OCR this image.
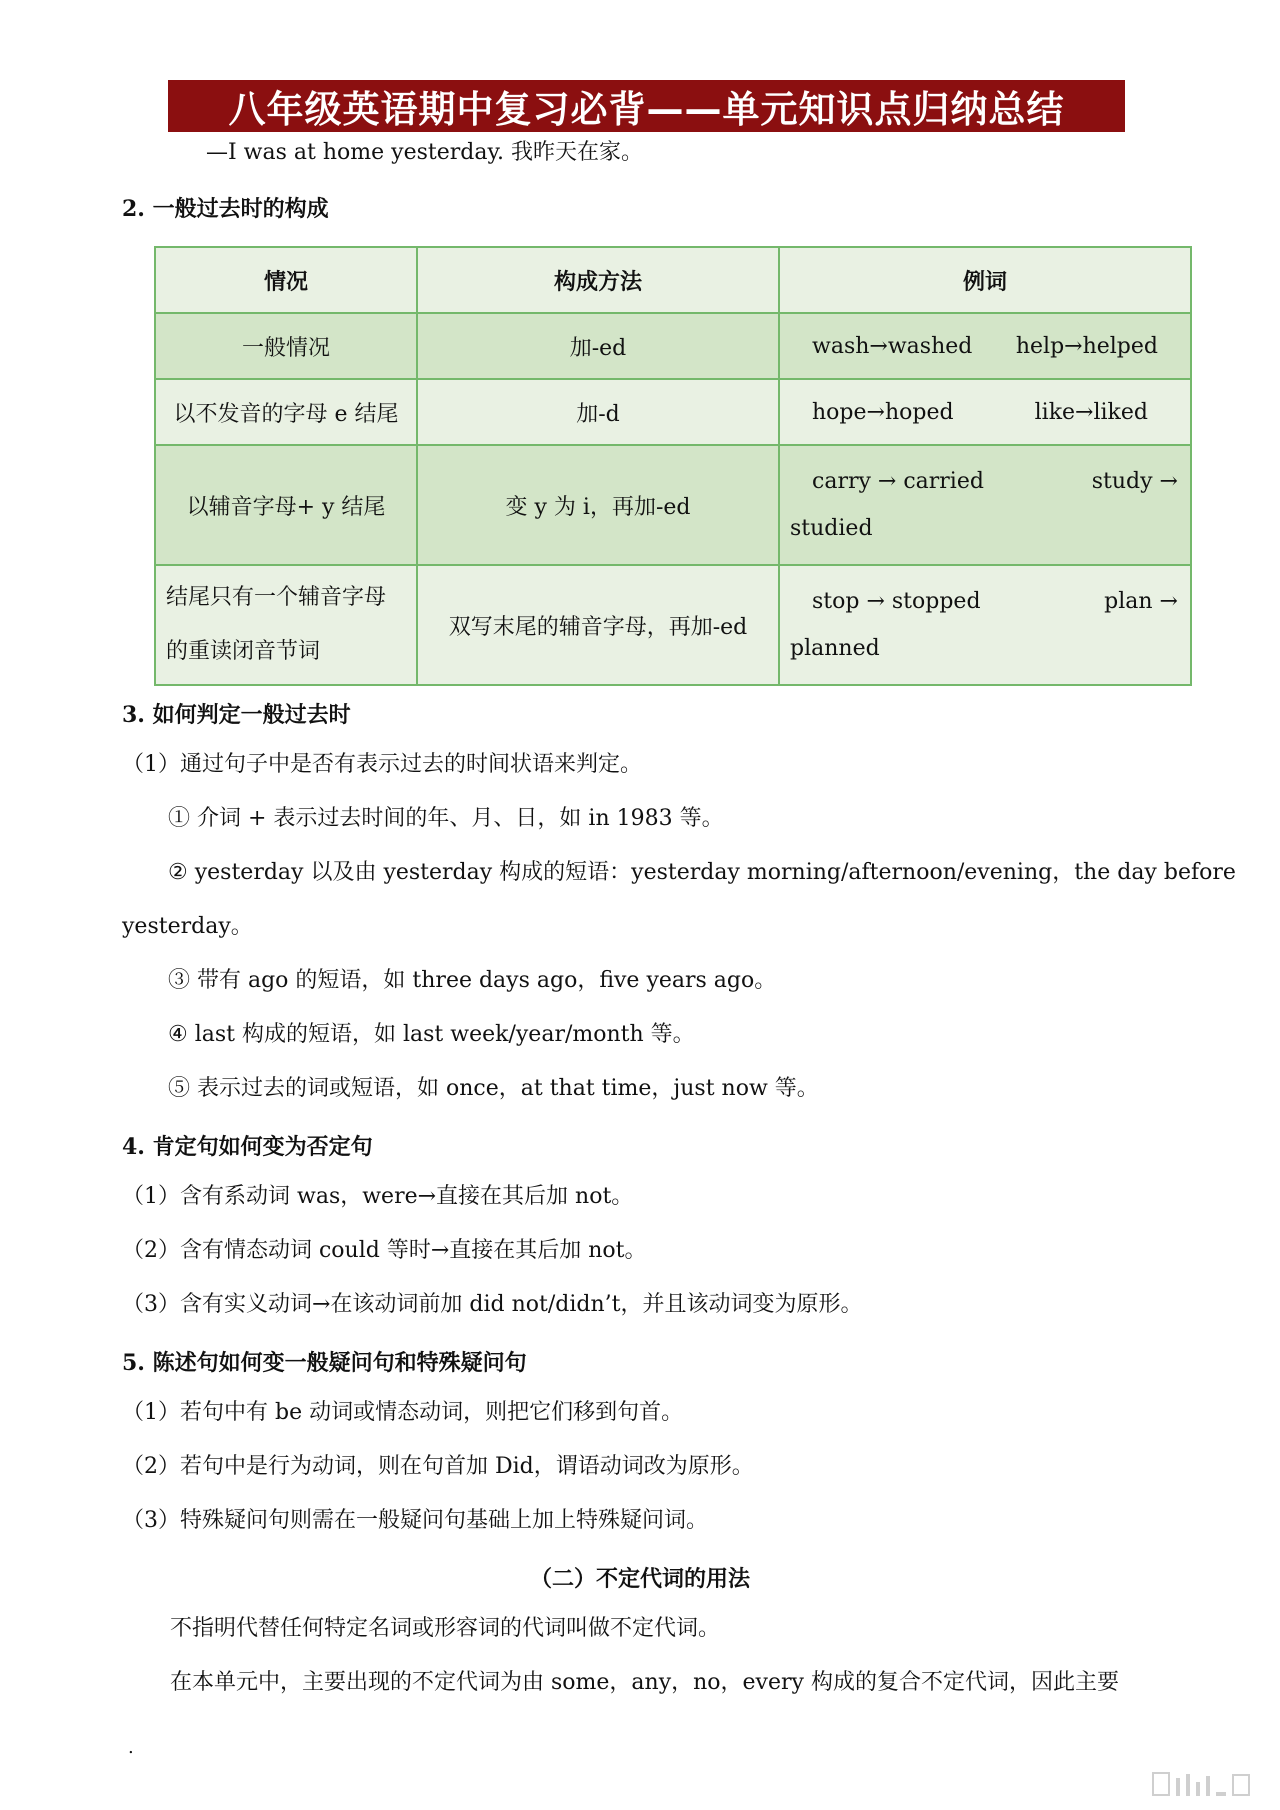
八年级英语期中复习必背——单元知识点归纳总结
—I was at home yesterday. 我昨天在家。
2. 一般过去时的构成
情况	构成方法	例词
一般情况	加-ed	wash→washed help→helped

以不发音的字母 e 结尾	加-d	hope→hoped like→liked

以辅音字母+ y 结尾	变 y 为 i，再加-ed	carry → carried study →
studied

结尾只有一个辅音字母的重读闭音节词	双写末尾的辅音字母，再加-ed	stop → stopped plan →
planned
3. 如何判定一般过去时
（1）通过句子中是否有表示过去的时间状语来判定。
① 介词 + 表示过去时间的年、月、日，如 in 1983 等。
② yesterday 以及由 yesterday 构成的短语：yesterday morning/afternoon/evening，the day before
yesterday。
③ 带有 ago 的短语，如 three days ago，five years ago。
④ last 构成的短语，如 last week/year/month 等。
⑤ 表示过去的词或短语，如 once，at that time，just now 等。
4. 肯定句如何变为否定句
（1）含有系动词 was，were→直接在其后加 not。
（2）含有情态动词 could 等时→直接在其后加 not。
（3）含有实义动词→在该动词前加 did not/didn’t，并且该动词变为原形。
5. 陈述句如何变一般疑问句和特殊疑问句
（1）若句中有 be 动词或情态动词，则把它们移到句首。
（2）若句中是行为动词，则在句首加 Did，谓语动词改为原形。
（3）特殊疑问句则需在一般疑问句基础上加上特殊疑问词。
（二）不定代词的用法
不指明代替任何特定名词或形容词的代词叫做不定代词。
在本单元中，主要出现的不定代词为由 some，any，no，every 构成的复合不定代词，因此主要
.
